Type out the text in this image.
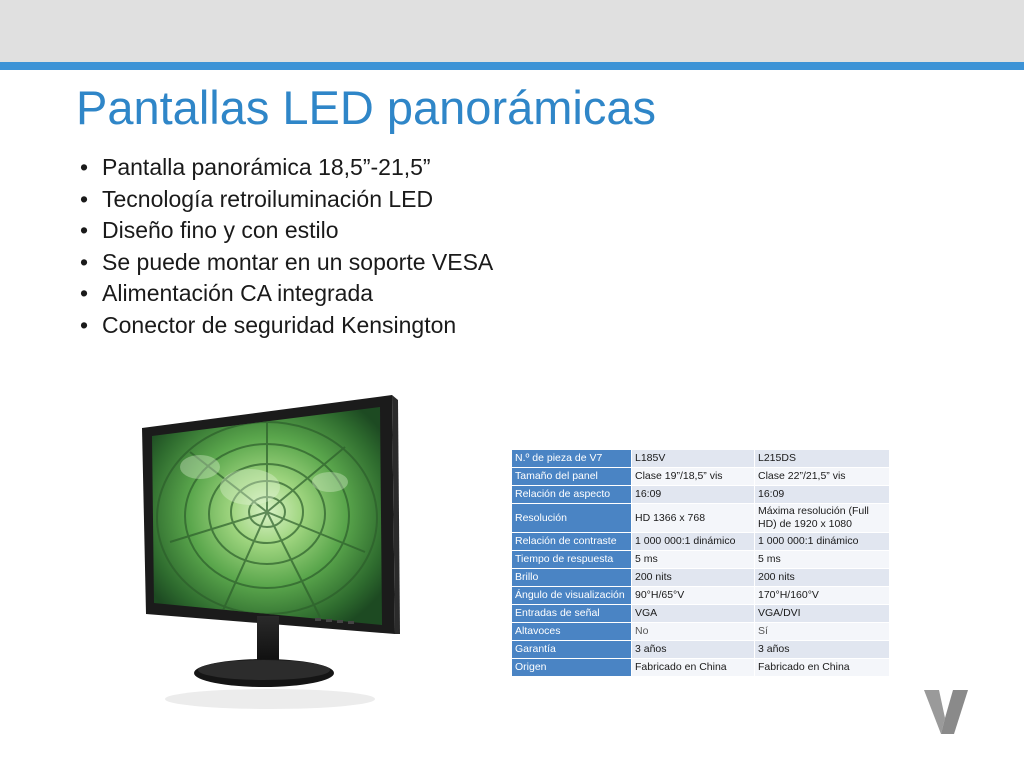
Pantallas LED panorámicas
• Pantalla panorámica 18,5”-21,5”
• Tecnología retroiluminación LED
• Diseño fino y con estilo
• Se puede montar en un soporte VESA
• Alimentación CA integrada
• Conector de seguridad Kensington
N.º de pieza de V7	L185V	L215DS
Tamaño del panel	Clase 19”/18,5” vis	Clase 22”/21,5” vis
Relación de aspecto	16:09	16:09
Resolución	HD 1366 x 768	Máxima resolución (Full HD) de 1920 x 1080
Relación de contraste	1 000 000:1 dinámico	1 000 000:1 dinámico
Tiempo de respuesta	5 ms	5 ms
Brillo	200 nits	200 nits
Ángulo de visualización	90°H/65°V	170°H/160°V
Entradas de señal	VGA	VGA/DVI
Altavoces	No	Sí
Garantía	3 años	3 años
Origen	Fabricado en China	Fabricado en China
